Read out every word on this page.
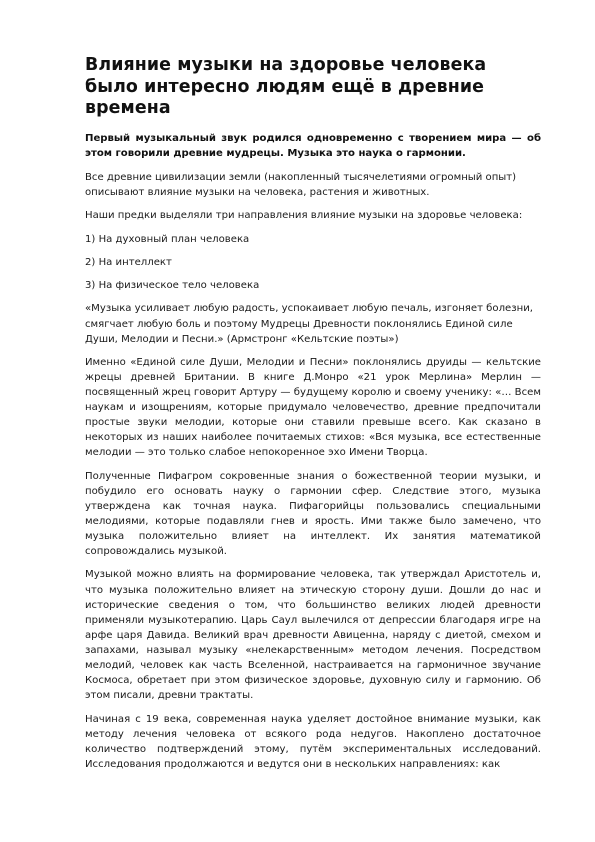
Влияние музыки на здоровье человека было интересно людям ещё в древние времена

Первый музыкальный звук родился одновременно с творением мира — об этом говорили древние мудрецы. Музыка это наука о гармонии.

Все древние цивилизации земли (накопленный тысячелетиями огромный опыт) описывают влияние музыки на человека, растения и животных.

Наши предки выделяли три направления влияние музыки на здоровье человека:

1) На духовный план человека

2) На интеллект

3) На физическое тело человека

«Музыка усиливает любую радость, успокаивает любую печаль, изгоняет болезни, смягчает любую боль и поэтому Мудрецы Древности поклонялись Единой силе Души, Мелодии и Песни.» (Армстронг «Кельтские поэты»)

Именно «Единой силе Души, Мелодии и Песни» поклонялись друиды — кельтские жрецы древней Британии. В книге Д.Монро «21 урок Мерлина» Мерлин — посвященный жрец говорит Артуру — будущему королю и своему ученику: «… Всем наукам и изощрениям, которые придумало человечество, древние предпочитали простые звуки мелодии, которые они ставили превыше всего. Как сказано в некоторых из наших наиболее почитаемых стихов: «Вся музыка, все естественные мелодии — это только слабое непокоренное эхо Имени Творца.

Полученные Пифагром сокровенные знания о божественной теории музыки, и побудило его основать науку о гармонии сфер. Следствие этого, музыка утверждена как точная наука. Пифагорийцы пользовались специальными мелодиями, которые подавляли гнев и ярость. Ими также было замечено, что музыка положительно влияет на интеллект. Их занятия математикой сопровождались музыкой.

Музыкой можно влиять на формирование человека, так утверждал Аристотель и, что музыка положительно влияет на этическую сторону души. Дошли до нас и исторические сведения о том, что большинство великих людей древности применяли музыкотерапию. Царь Саул вылечился от депрессии благодаря игре на арфе царя Давида. Великий врач древности Авиценна, наряду с диетой, смехом и запахами, называл музыку «нелекарственным» методом лечения. Посредством мелодий, человек как часть Вселенной, настраивается на гармоничное звучание Космоса, обретает при этом физическое здоровье, духовную силу и гармонию. Об этом писали, древни трактаты.

Начиная с 19 века, современная наука уделяет достойное внимание музыки, как методу лечения человека от всякого рода недугов. Накоплено достаточное количество подтверждений этому, путём экспериментальных исследований. Исследования продолжаются и ведутся они в нескольких направлениях: как
